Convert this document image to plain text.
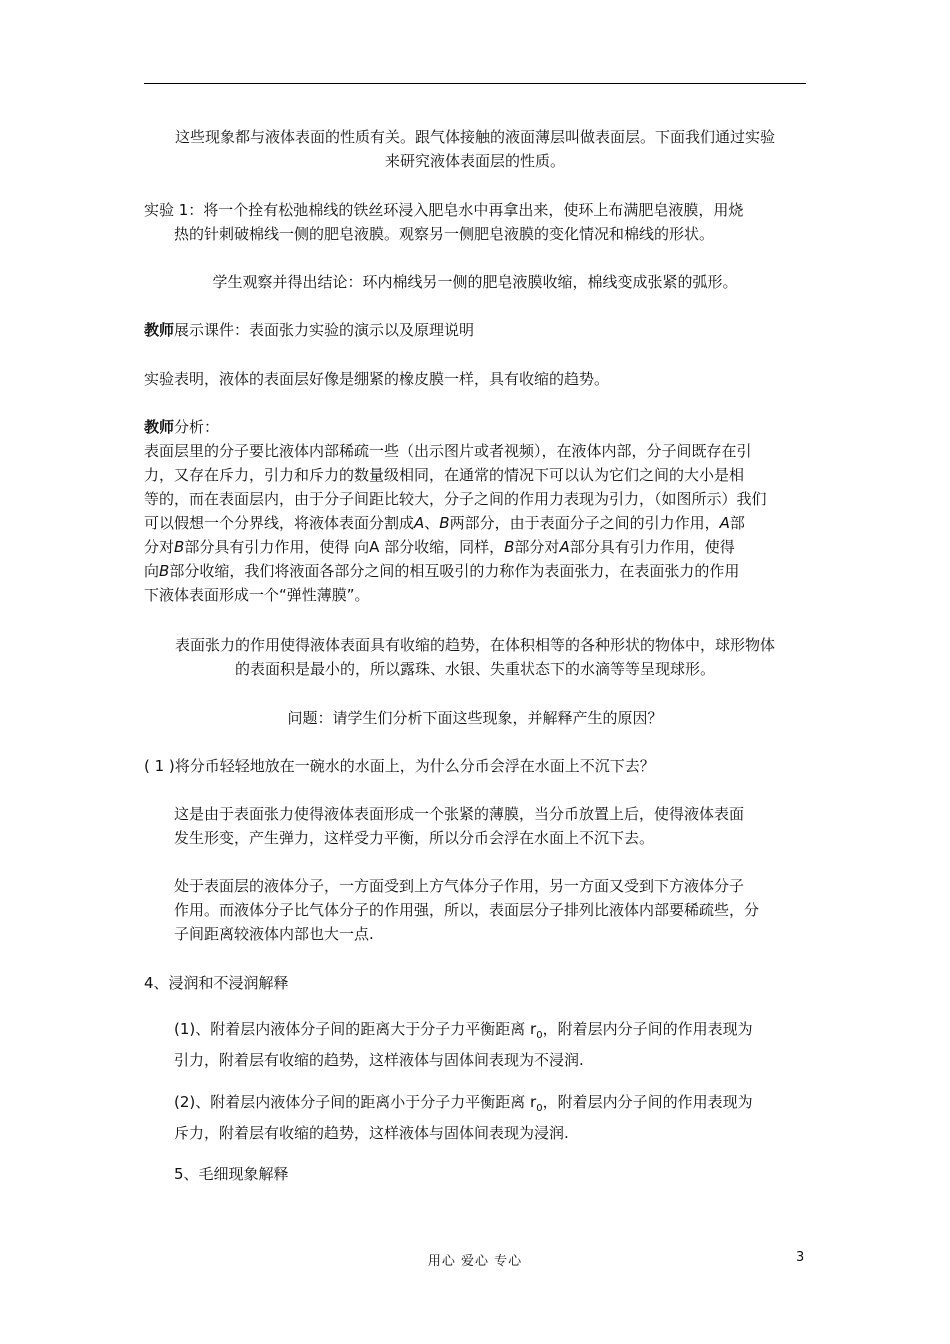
这些现象都与液体表面的性质有关。跟气体接触的液面薄层叫做表面层。下面我们通过实验
来研究液体表面层的性质。

实验 1：将一个拴有松弛棉线的铁丝环浸入肥皂水中再拿出来，使环上布满肥皂液膜，用烧
热的针刺破棉线一侧的肥皂液膜。观察另一侧肥皂液膜的变化情况和棉线的形状。

学生观察并得出结论：环内棉线另一侧的肥皂液膜收缩，棉线变成张紧的弧形。

教师展示课件：表面张力实验的演示以及原理说明

实验表明，液体的表面层好像是绷紧的橡皮膜一样，具有收缩的趋势。

教师分析：
表面层里的分子要比液体内部稀疏一些（出示图片或者视频），在液体内部，分子间既存在引
力，又存在斥力，引力和斥力的数量级相同，在通常的情况下可以认为它们之间的大小是相
等的，而在表面层内，由于分子间距比较大，分子之间的作用力表现为引力，（如图所示）我们
可以假想一个分界线，将液体表面分割成A、B两部分，由于表面分子之间的引力作用，A部
分对B部分具有引力作用，使得 向A 部分收缩，同样，B部分对A部分具有引力作用，使得
向B部分收缩，我们将液面各部分之间的相互吸引的力称作为表面张力，在表面张力的作用
下液体表面形成一个“弹性薄膜”。

表面张力的作用使得液体表面具有收缩的趋势，在体积相等的各种形状的物体中，球形物体
的表面积是最小的，所以露珠、水银、失重状态下的水滴等等呈现球形。

问题：请学生们分析下面这些现象，并解释产生的原因？

( 1 )将分币轻轻地放在一碗水的水面上，为什么分币会浮在水面上不沉下去？

这是由于表面张力使得液体表面形成一个张紧的薄膜，当分币放置上后，使得液体表面
发生形变，产生弹力，这样受力平衡，所以分币会浮在水面上不沉下去。

处于表面层的液体分子，一方面受到上方气体分子作用，另一方面又受到下方液体分子
作用。而液体分子比气体分子的作用强，所以，表面层分子排列比液体内部要稀疏些，分
子间距离较液体内部也大一点.

4、浸润和不浸润解释

(1)、附着层内液体分子间的距离大于分子力平衡距离 $r_0$，附着层内分子间的作用表现为
引力，附着层有收缩的趋势，这样液体与固体间表现为不浸润.

(2)、附着层内液体分子间的距离小于分子力平衡距离 $r_0$，附着层内分子间的作用表现为
斥力，附着层有收缩的趋势，这样液体与固体间表现为浸润.

5、毛细现象解释

用心 爱心 专心	3
